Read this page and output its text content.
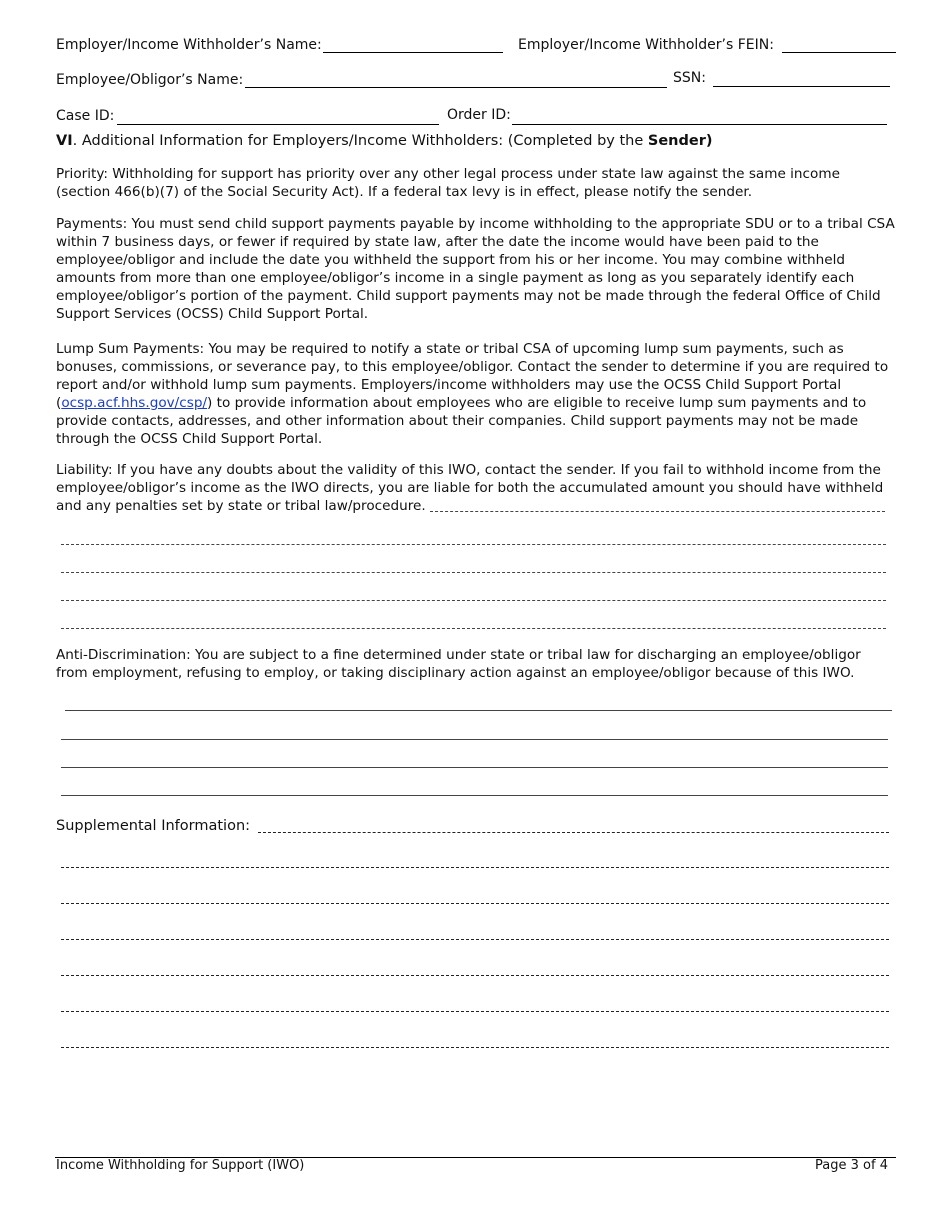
Employer/Income Withholder’s Name:	Employer/Income Withholder’s FEIN:
Employee/Obligor’s Name:	SSN:
Case ID:	Order ID:
VI. Additional Information for Employers/Income Withholders: (Completed by the Sender)

Priority: Withholding for support has priority over any other legal process under state law against the same income (section 466(b)(7) of the Social Security Act). If a federal tax levy is in effect, please notify the sender.

Payments: You must send child support payments payable by income withholding to the appropriate SDU or to a tribal CSA within 7 business days, or fewer if required by state law, after the date the income would have been paid to the employee/obligor and include the date you withheld the support from his or her income. You may combine withheld amounts from more than one employee/obligor’s income in a single payment as long as you separately identify each employee/obligor’s portion of the payment. Child support payments may not be made through the federal Office of Child Support Services (OCSS) Child Support Portal.

Lump Sum Payments: You may be required to notify a state or tribal CSA of upcoming lump sum payments, such as bonuses, commissions, or severance pay, to this employee/obligor. Contact the sender to determine if you are required to report and/or withhold lump sum payments. Employers/income withholders may use the OCSS Child Support Portal (ocsp.acf.hhs.gov/csp/) to provide information about employees who are eligible to receive lump sum payments and to provide contacts, addresses, and other information about their companies. Child support payments may not be made through the OCSS Child Support Portal.

Liability: If you have any doubts about the validity of this IWO, contact the sender. If you fail to withhold income from the employee/obligor’s income as the IWO directs, you are liable for both the accumulated amount you should have withheld and any penalties set by state or tribal law/procedure.

Anti-Discrimination: You are subject to a fine determined under state or tribal law for discharging an employee/obligor from employment, refusing to employ, or taking disciplinary action against an employee/obligor because of this IWO.

Supplemental Information:
Income Withholding for Support (IWO)	Page 3 of 4
